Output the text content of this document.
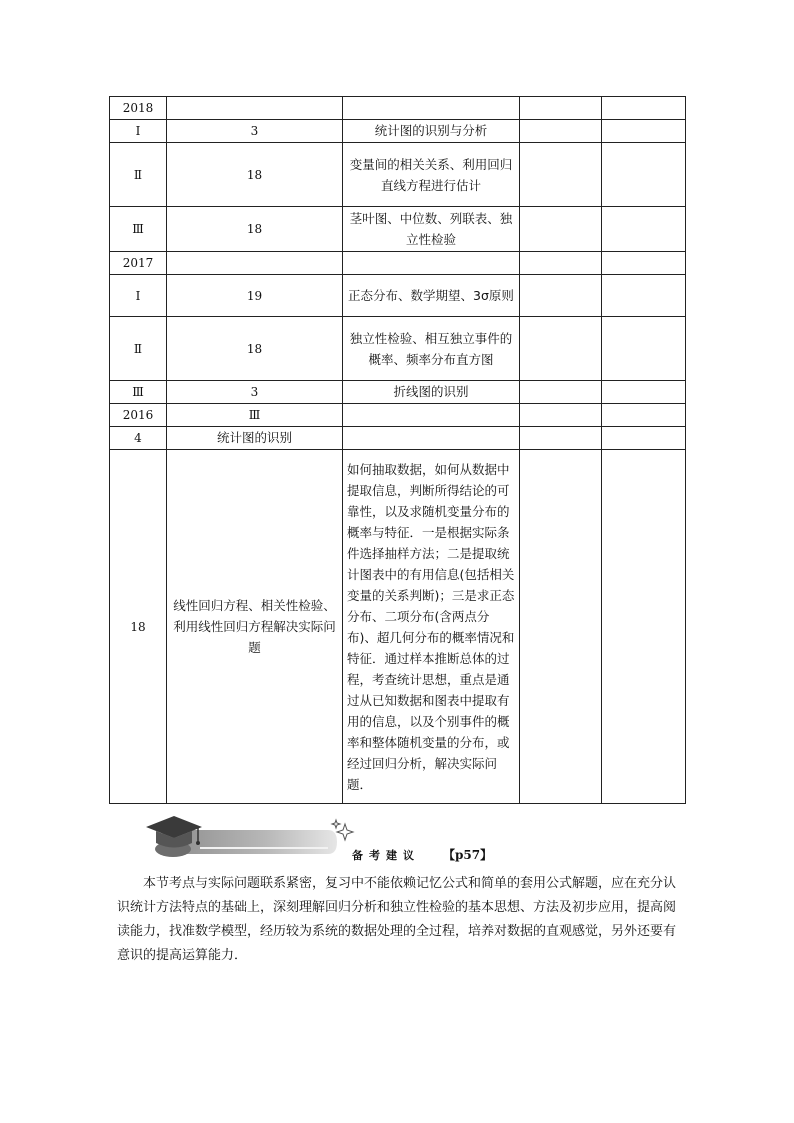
2018				
Ⅰ	3	统计图的识别与分析		
Ⅱ	18	变量间的相关关系、利用回归直线方程进行估计		
Ⅲ	18	茎叶图、中位数、列联表、独立性检验		
2017				
Ⅰ	19	正态分布、数学期望、3σ原则		
Ⅱ	18	独立性检验、相互独立事件的概率、频率分布直方图		
Ⅲ	3	折线图的识别		
2016	Ⅲ			
4	统计图的识别			
18	线性回归方程、相关性检验、利用线性回归方程解决实际问题	如何抽取数据，如何从数据中提取信息，判断所得结论的可靠性，以及求随机变量分布的概率与特征．一是根据实际条件选择抽样方法；二是提取统计图表中的有用信息(包括相关变量的关系判断)；三是求正态分布、二项分布(含两点分布)、超几何分布的概率情况和特征．通过样本推断总体的过程，考查统计思想，重点是通过从已知数据和图表中提取有用的信息，以及个别事件的概率和整体随机变量的分布，或经过回归分析，解决实际问题．		
备考建议 【p57】

本节考点与实际问题联系紧密，复习中不能依赖记忆公式和简单的套用公式解题，应在充分认识统计方法特点的基础上，深刻理解回归分析和独立性检验的基本思想、方法及初步应用，提高阅读能力，找准数学模型，经历较为系统的数据处理的全过程，培养对数据的直观感觉，另外还要有意识的提高运算能力．
